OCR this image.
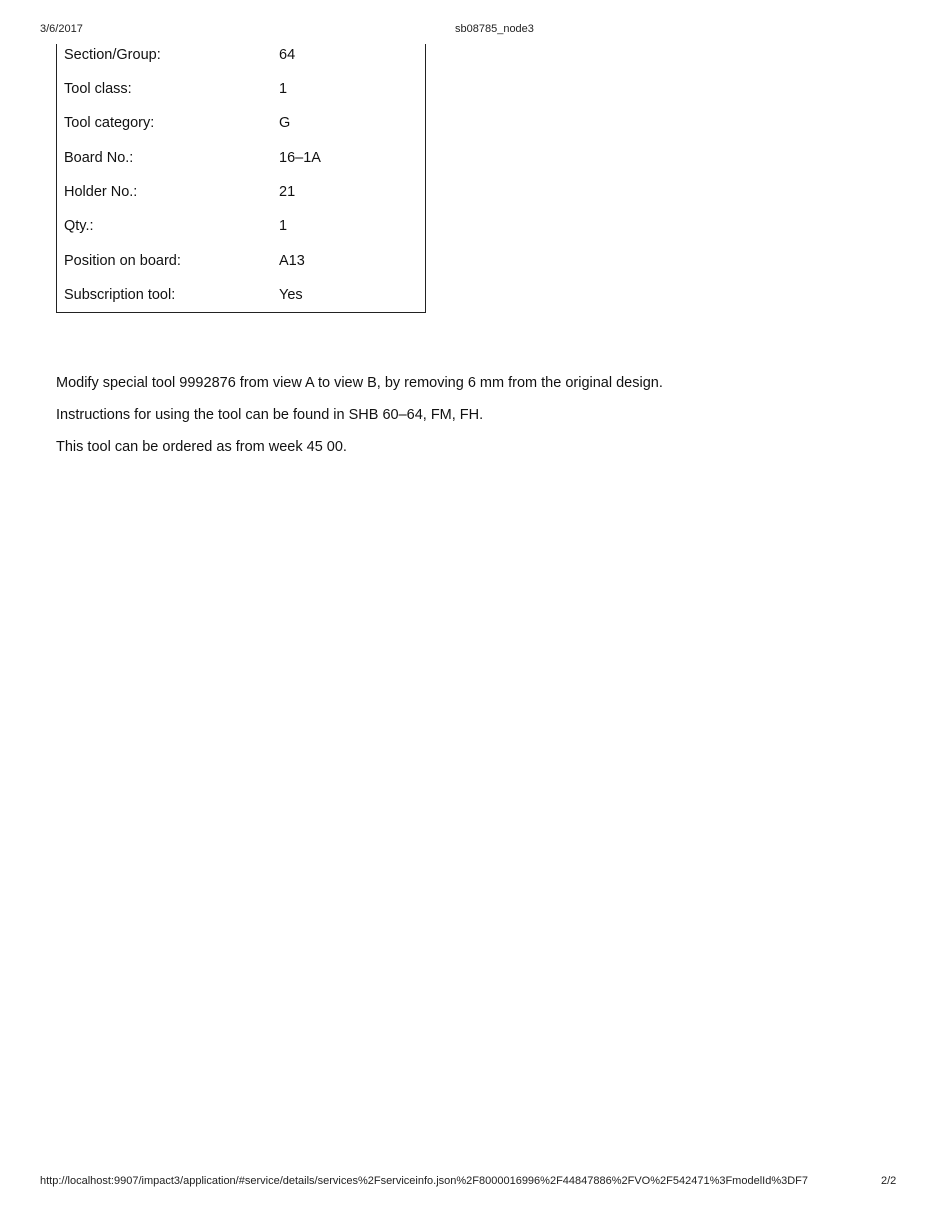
3/6/2017	sb08785_node3
Section/Group:	64
Tool class:	1
Tool category:	G
Board No.:	16–1A
Holder No.:	21
Qty.:	1
Position on board:	A13
Subscription tool:	Yes
Modify special tool 9992876 from view A to view B, by removing 6 mm from the original design.
Instructions for using the tool can be found in SHB 60–64, FM, FH.
This tool can be ordered as from week 45 00.
http://localhost:9907/impact3/application/#service/details/services%2Fserviceinfo.json%2F8000016996%2F44847886%2FVO%2F542471%3FmodelId%3DF7	2/2
